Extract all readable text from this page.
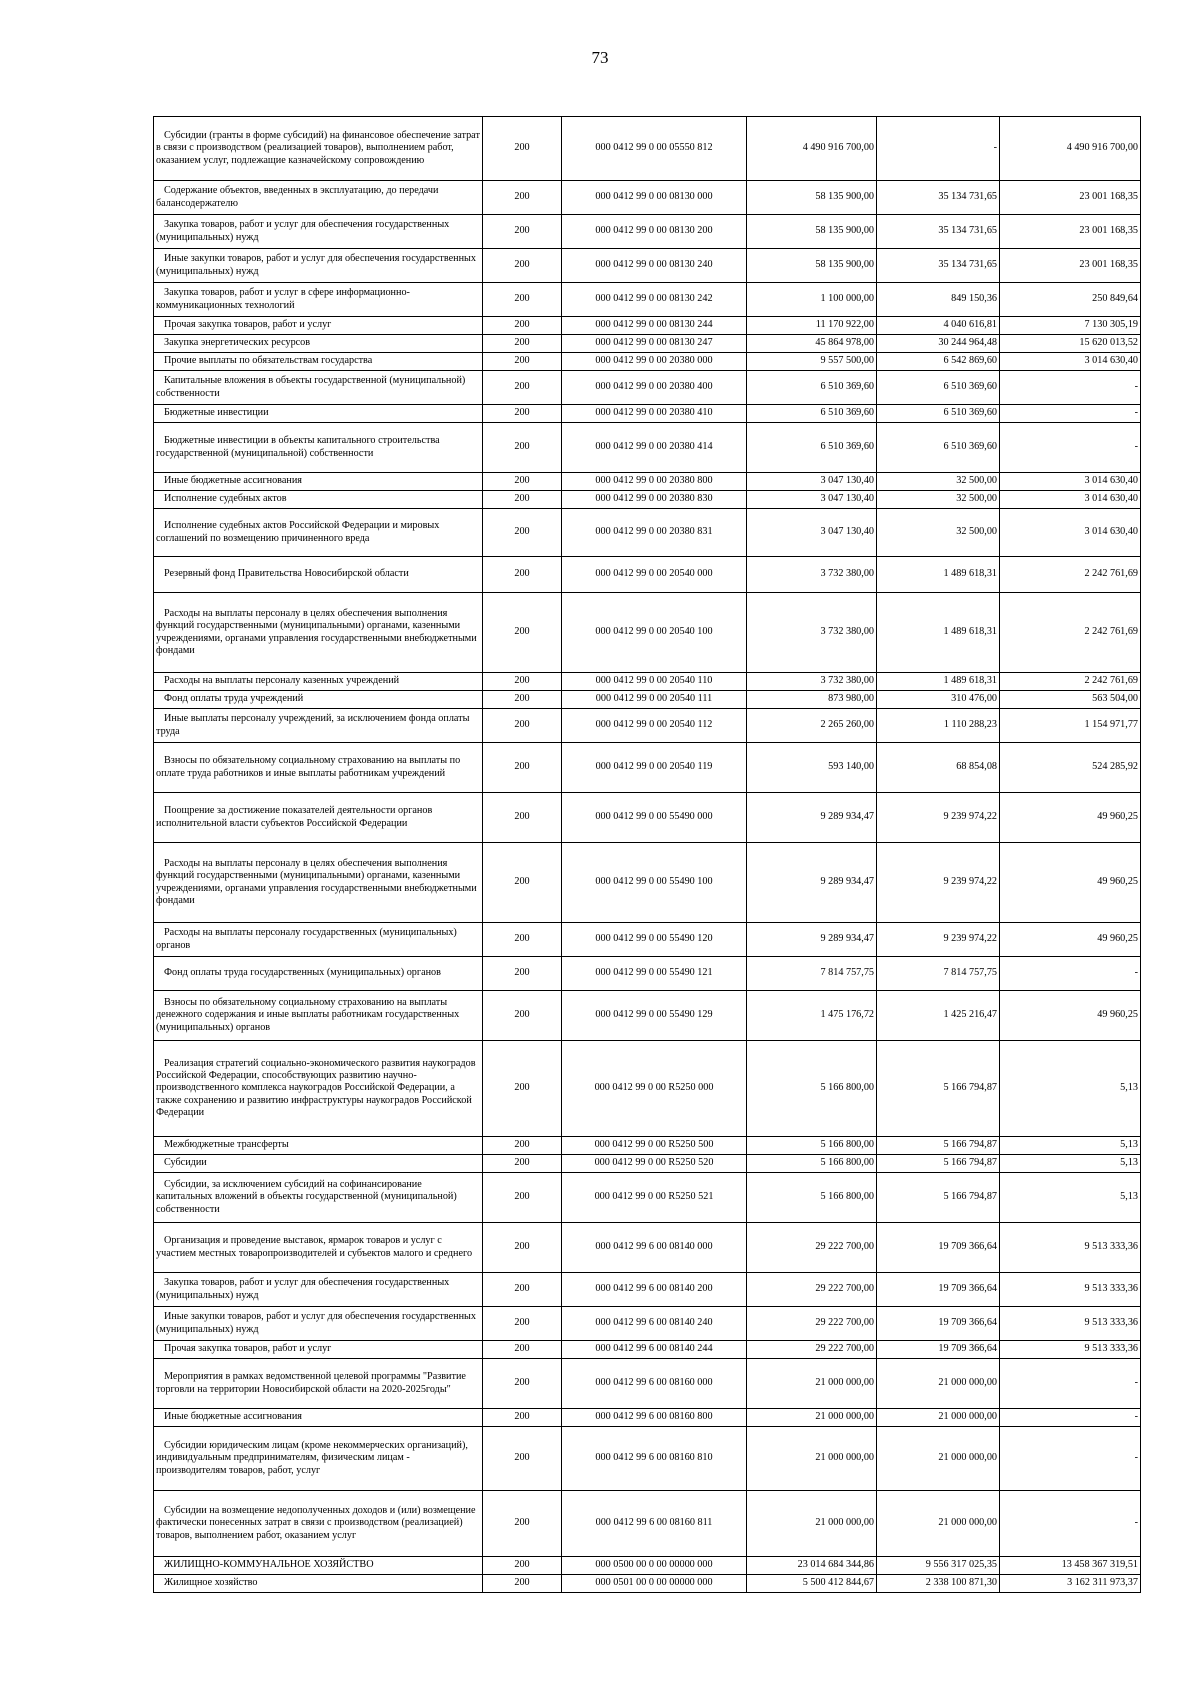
73
Субсидии (гранты в форме субсидий) на финансовое обеспечение затрат в связи с производством (реализацией товаров), выполнением работ, оказанием услуг, подлежащие казначейскому сопровождению	200	000 0412 99 0 00 05550 812	4 490 916 700,00	-	4 490 916 700,00
Содержание объектов, введенных в эксплуатацию, до передачи балансодержателю	200	000 0412 99 0 00 08130 000	58 135 900,00	35 134 731,65	23 001 168,35
Закупка товаров, работ и услуг для обеспечения государственных (муниципальных) нужд	200	000 0412 99 0 00 08130 200	58 135 900,00	35 134 731,65	23 001 168,35
Иные закупки товаров, работ и услуг для обеспечения государственных (муниципальных) нужд	200	000 0412 99 0 00 08130 240	58 135 900,00	35 134 731,65	23 001 168,35
Закупка товаров, работ и услуг в сфере информационно-коммуникационных технологий	200	000 0412 99 0 00 08130 242	1 100 000,00	849 150,36	250 849,64
Прочая закупка товаров, работ и услуг	200	000 0412 99 0 00 08130 244	11 170 922,00	4 040 616,81	7 130 305,19
Закупка энергетических ресурсов	200	000 0412 99 0 00 08130 247	45 864 978,00	30 244 964,48	15 620 013,52
Прочие выплаты по обязательствам государства	200	000 0412 99 0 00 20380 000	9 557 500,00	6 542 869,60	3 014 630,40
Капитальные вложения в объекты государственной (муниципальной) собственности	200	000 0412 99 0 00 20380 400	6 510 369,60	6 510 369,60	-
Бюджетные инвестиции	200	000 0412 99 0 00 20380 410	6 510 369,60	6 510 369,60	-
Бюджетные инвестиции в объекты капитального строительства государственной (муниципальной) собственности	200	000 0412 99 0 00 20380 414	6 510 369,60	6 510 369,60	-
Иные бюджетные ассигнования	200	000 0412 99 0 00 20380 800	3 047 130,40	32 500,00	3 014 630,40
Исполнение судебных актов	200	000 0412 99 0 00 20380 830	3 047 130,40	32 500,00	3 014 630,40
Исполнение судебных актов Российской Федерации и мировых соглашений по возмещению причиненного вреда	200	000 0412 99 0 00 20380 831	3 047 130,40	32 500,00	3 014 630,40
Резервный фонд Правительства Новосибирской области	200	000 0412 99 0 00 20540 000	3 732 380,00	1 489 618,31	2 242 761,69
Расходы на выплаты персоналу в целях обеспечения выполнения функций государственными (муниципальными) органами, казенными учреждениями, органами управления государственными внебюджетными фондами	200	000 0412 99 0 00 20540 100	3 732 380,00	1 489 618,31	2 242 761,69
Расходы на выплаты персоналу казенных учреждений	200	000 0412 99 0 00 20540 110	3 732 380,00	1 489 618,31	2 242 761,69
Фонд оплаты труда учреждений	200	000 0412 99 0 00 20540 111	873 980,00	310 476,00	563 504,00
Иные выплаты персоналу учреждений, за исключением фонда оплаты труда	200	000 0412 99 0 00 20540 112	2 265 260,00	1 110 288,23	1 154 971,77
Взносы по обязательному социальному страхованию на выплаты по оплате труда работников и иные выплаты работникам учреждений	200	000 0412 99 0 00 20540 119	593 140,00	68 854,08	524 285,92
Поощрение за достижение показателей деятельности органов исполнительной власти субъектов Российской Федерации	200	000 0412 99 0 00 55490 000	9 289 934,47	9 239 974,22	49 960,25
Расходы на выплаты персоналу в целях обеспечения выполнения функций государственными (муниципальными) органами, казенными учреждениями, органами управления государственными внебюджетными фондами	200	000 0412 99 0 00 55490 100	9 289 934,47	9 239 974,22	49 960,25
Расходы на выплаты персоналу государственных (муниципальных) органов	200	000 0412 99 0 00 55490 120	9 289 934,47	9 239 974,22	49 960,25
Фонд оплаты труда государственных (муниципальных) органов	200	000 0412 99 0 00 55490 121	7 814 757,75	7 814 757,75	-
Взносы по обязательному социальному страхованию на выплаты денежного содержания и иные выплаты работникам государственных (муниципальных) органов	200	000 0412 99 0 00 55490 129	1 475 176,72	1 425 216,47	49 960,25
Реализация стратегий социально-экономического развития наукоградов Российской Федерации, способствующих развитию научно-производственного комплекса наукоградов Российской Федерации, а также сохранению и развитию инфраструктуры наукоградов Российской Федерации	200	000 0412 99 0 00 R5250 000	5 166 800,00	5 166 794,87	5,13
Межбюджетные трансферты	200	000 0412 99 0 00 R5250 500	5 166 800,00	5 166 794,87	5,13
Субсидии	200	000 0412 99 0 00 R5250 520	5 166 800,00	5 166 794,87	5,13
Субсидии, за исключением субсидий на софинансирование капитальных вложений в объекты государственной (муниципальной) собственности	200	000 0412 99 0 00 R5250 521	5 166 800,00	5 166 794,87	5,13
Организация и проведение выставок, ярмарок товаров и услуг с участием местных товаропроизводителей и субъектов малого и среднего	200	000 0412 99 6 00 08140 000	29 222 700,00	19 709 366,64	9 513 333,36
Закупка товаров, работ и услуг для обеспечения государственных (муниципальных) нужд	200	000 0412 99 6 00 08140 200	29 222 700,00	19 709 366,64	9 513 333,36
Иные закупки товаров, работ и услуг для обеспечения государственных (муниципальных) нужд	200	000 0412 99 6 00 08140 240	29 222 700,00	19 709 366,64	9 513 333,36
Прочая закупка товаров, работ и услуг	200	000 0412 99 6 00 08140 244	29 222 700,00	19 709 366,64	9 513 333,36
Мероприятия в рамках ведомственной целевой программы "Развитие торговли на территории Новосибирской области на 2020-2025годы"	200	000 0412 99 6 00 08160 000	21 000 000,00	21 000 000,00	-
Иные бюджетные ассигнования	200	000 0412 99 6 00 08160 800	21 000 000,00	21 000 000,00	-
Субсидии юридическим лицам (кроме некоммерческих организаций), индивидуальным предпринимателям, физическим лицам - производителям товаров, работ, услуг	200	000 0412 99 6 00 08160 810	21 000 000,00	21 000 000,00	-
Субсидии на возмещение недополученных доходов и (или) возмещение фактически понесенных затрат в связи с производством (реализацией) товаров, выполнением работ, оказанием услуг	200	000 0412 99 6 00 08160 811	21 000 000,00	21 000 000,00	-
ЖИЛИЩНО-КОММУНАЛЬНОЕ ХОЗЯЙСТВО	200	000 0500 00 0 00 00000 000	23 014 684 344,86	9 556 317 025,35	13 458 367 319,51
Жилищное хозяйство	200	000 0501 00 0 00 00000 000	5 500 412 844,67	2 338 100 871,30	3 162 311 973,37
